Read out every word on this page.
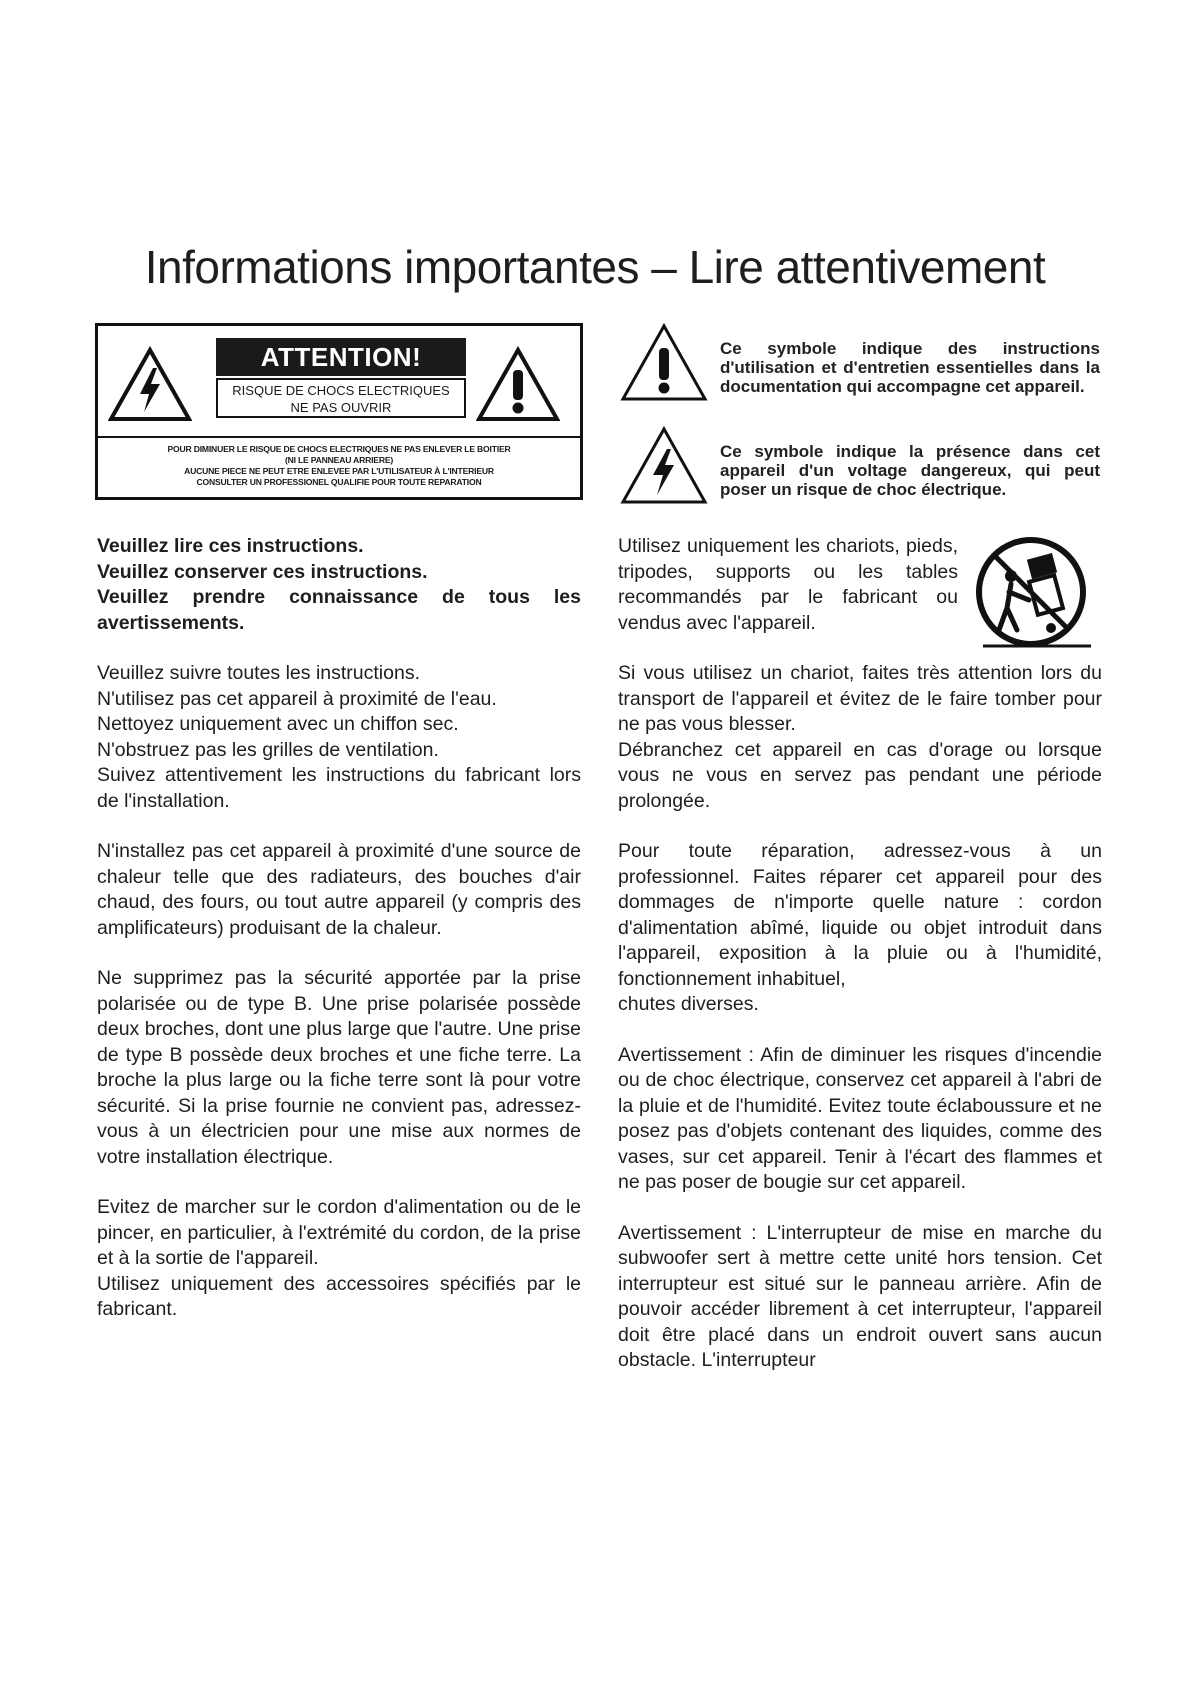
Informations importantes – Lire attentivement
ATTENTION!
RISQUE DE CHOCS ELECTRIQUES
NE PAS OUVRIR
POUR DIMINUER LE RISQUE DE CHOCS ELECTRIQUES NE PAS ENLEVER LE BOITIER
(NI LE PANNEAU ARRIERE)
AUCUNE PIECE NE PEUT ETRE ENLEVEE PAR L'UTILISATEUR À L'INTERIEUR
CONSULTER UN PROFESSIONEL QUALIFIE POUR TOUTE REPARATION

Ce symbole indique des instructions d'utilisation et d'entretien essentielles dans la documentation qui accompagne cet appareil.

Ce symbole indique la présence dans cet appareil d'un voltage dangereux, qui peut poser un risque de choc électrique.

Veuillez lire ces instructions.

Veuillez conserver ces instructions.

Veuillez prendre connaissance de tous les avertissements.

Veuillez suivre toutes les instructions.

N'utilisez pas cet appareil à proximité de l'eau.

Nettoyez uniquement avec un chiffon sec.

N'obstruez pas les grilles de ventilation.

Suivez attentivement les instructions du fabricant lors de l'installation.

N'installez pas cet appareil à proximité d'une source de chaleur telle que des radiateurs, des bouches d'air chaud, des fours, ou tout autre appareil (y compris des amplificateurs) produisant de la chaleur.

Ne supprimez pas la sécurité apportée par la prise polarisée ou de type B. Une prise polarisée possède deux broches, dont une plus large que l'autre. Une prise de type B possède deux broches et une fiche terre. La broche la plus large ou la fiche terre sont là pour votre sécurité. Si la prise fournie ne convient pas, adressez-vous à un électricien pour une mise aux normes de votre installation électrique.

Evitez de marcher sur le cordon d'alimentation ou de le pincer, en particulier, à l'extrémité du cordon, de la prise et à la sortie de l'appareil.

Utilisez uniquement des accessoires spécifiés par le fabricant.

Utilisez uniquement les chariots, pieds, tripodes, supports ou les tables recommandés par le fabricant ou vendus avec l'appareil.

Si vous utilisez un chariot, faites très attention lors du transport de l'appareil et évitez de le faire tomber pour ne pas vous blesser.

Débranchez cet appareil en cas d'orage ou lorsque vous ne vous en servez pas pendant une période prolongée.

Pour toute réparation, adressez-vous à un professionnel. Faites réparer cet appareil pour des dommages de n'importe quelle nature : cordon d'alimentation abîmé, liquide ou objet introduit dans l'appareil, exposition à la pluie ou à l'humidité, fonctionnement inhabituel,

chutes diverses.

Avertissement : Afin de diminuer les risques d'incendie ou de choc électrique, conservez cet appareil à l'abri de la pluie et de l'humidité. Evitez toute éclaboussure et ne posez pas d'objets contenant des liquides, comme des vases, sur cet appareil. Tenir à l'écart des flammes et ne pas poser de bougie sur cet appareil.

Avertissement : L'interrupteur de mise en marche du subwoofer sert à mettre cette unité hors tension. Cet interrupteur est situé sur le panneau arrière. Afin de pouvoir accéder librement à cet interrupteur, l'appareil doit être placé dans un endroit ouvert sans aucun obstacle. L'interrupteur
